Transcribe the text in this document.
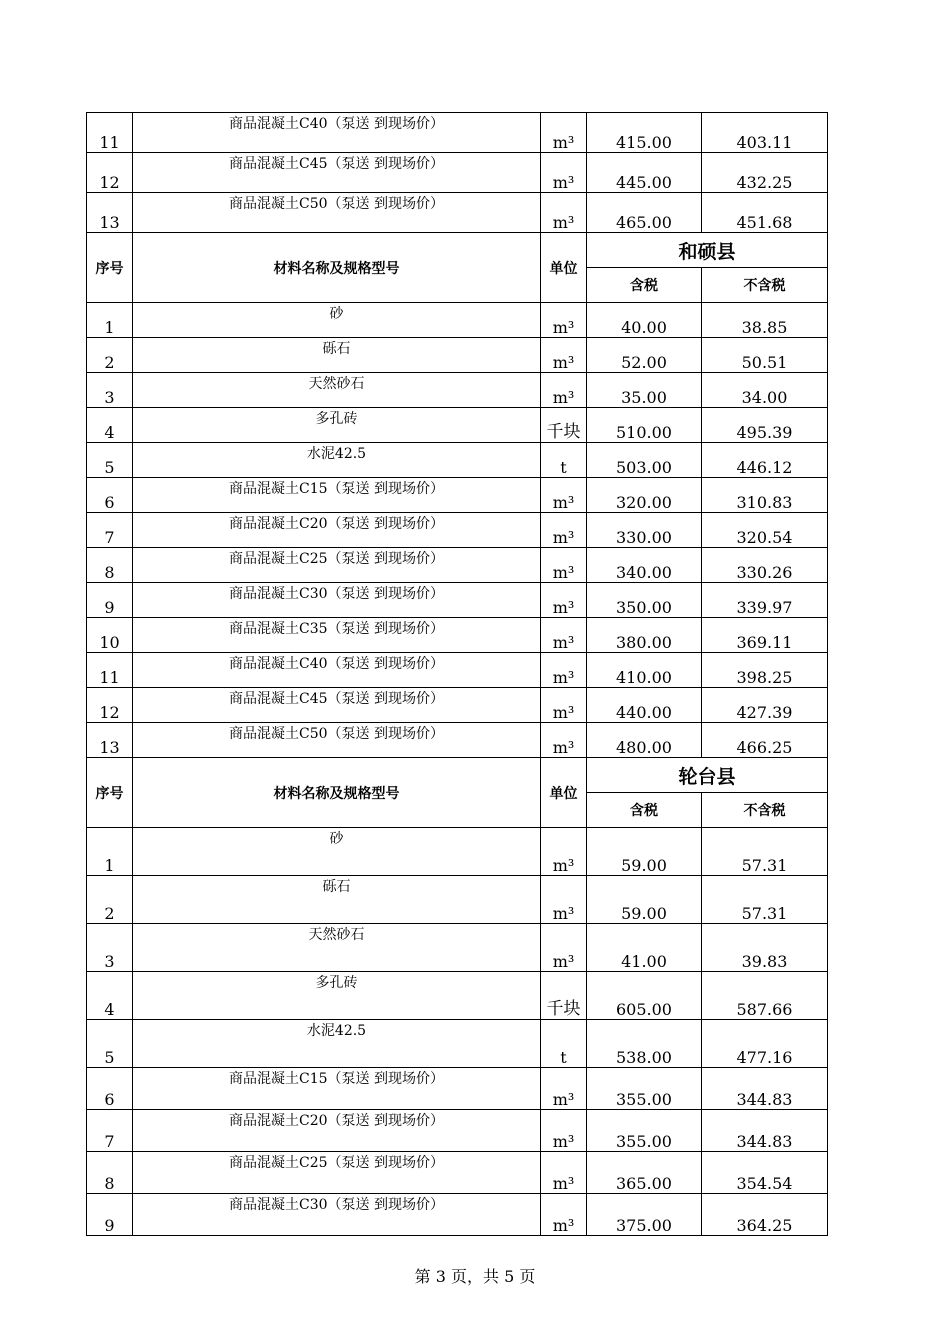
11	商品混凝土C40（泵送 到现场价）	m³	415.00	403.11
12	商品混凝土C45（泵送 到现场价）	m³	445.00	432.25
13	商品混凝土C50（泵送 到现场价）	m³	465.00	451.68
序号	材料名称及规格型号	单位	和硕县	
			含税	不含税
1	砂	m³	40.00	38.85
2	砾石	m³	52.00	50.51
3	天然砂石	m³	35.00	34.00
4	多孔砖	千块	510.00	495.39
5	水泥42.5	t	503.00	446.12
6	商品混凝土C15（泵送 到现场价）	m³	320.00	310.83
7	商品混凝土C20（泵送 到现场价）	m³	330.00	320.54
8	商品混凝土C25（泵送 到现场价）	m³	340.00	330.26
9	商品混凝土C30（泵送 到现场价）	m³	350.00	339.97
10	商品混凝土C35（泵送 到现场价）	m³	380.00	369.11
11	商品混凝土C40（泵送 到现场价）	m³	410.00	398.25
12	商品混凝土C45（泵送 到现场价）	m³	440.00	427.39
13	商品混凝土C50（泵送 到现场价）	m³	480.00	466.25
序号	材料名称及规格型号	单位	轮台县	
			含税	不含税
1	砂	m³	59.00	57.31
2	砾石	m³	59.00	57.31
3	天然砂石	m³	41.00	39.83
4	多孔砖	千块	605.00	587.66
5	水泥42.5	t	538.00	477.16
6	商品混凝土C15（泵送 到现场价）	m³	355.00	344.83
7	商品混凝土C20（泵送 到现场价）	m³	355.00	344.83
8	商品混凝土C25（泵送 到现场价）	m³	365.00	354.54
9	商品混凝土C30（泵送 到现场价）	m³	375.00	364.25
第 3 页，共 5 页
